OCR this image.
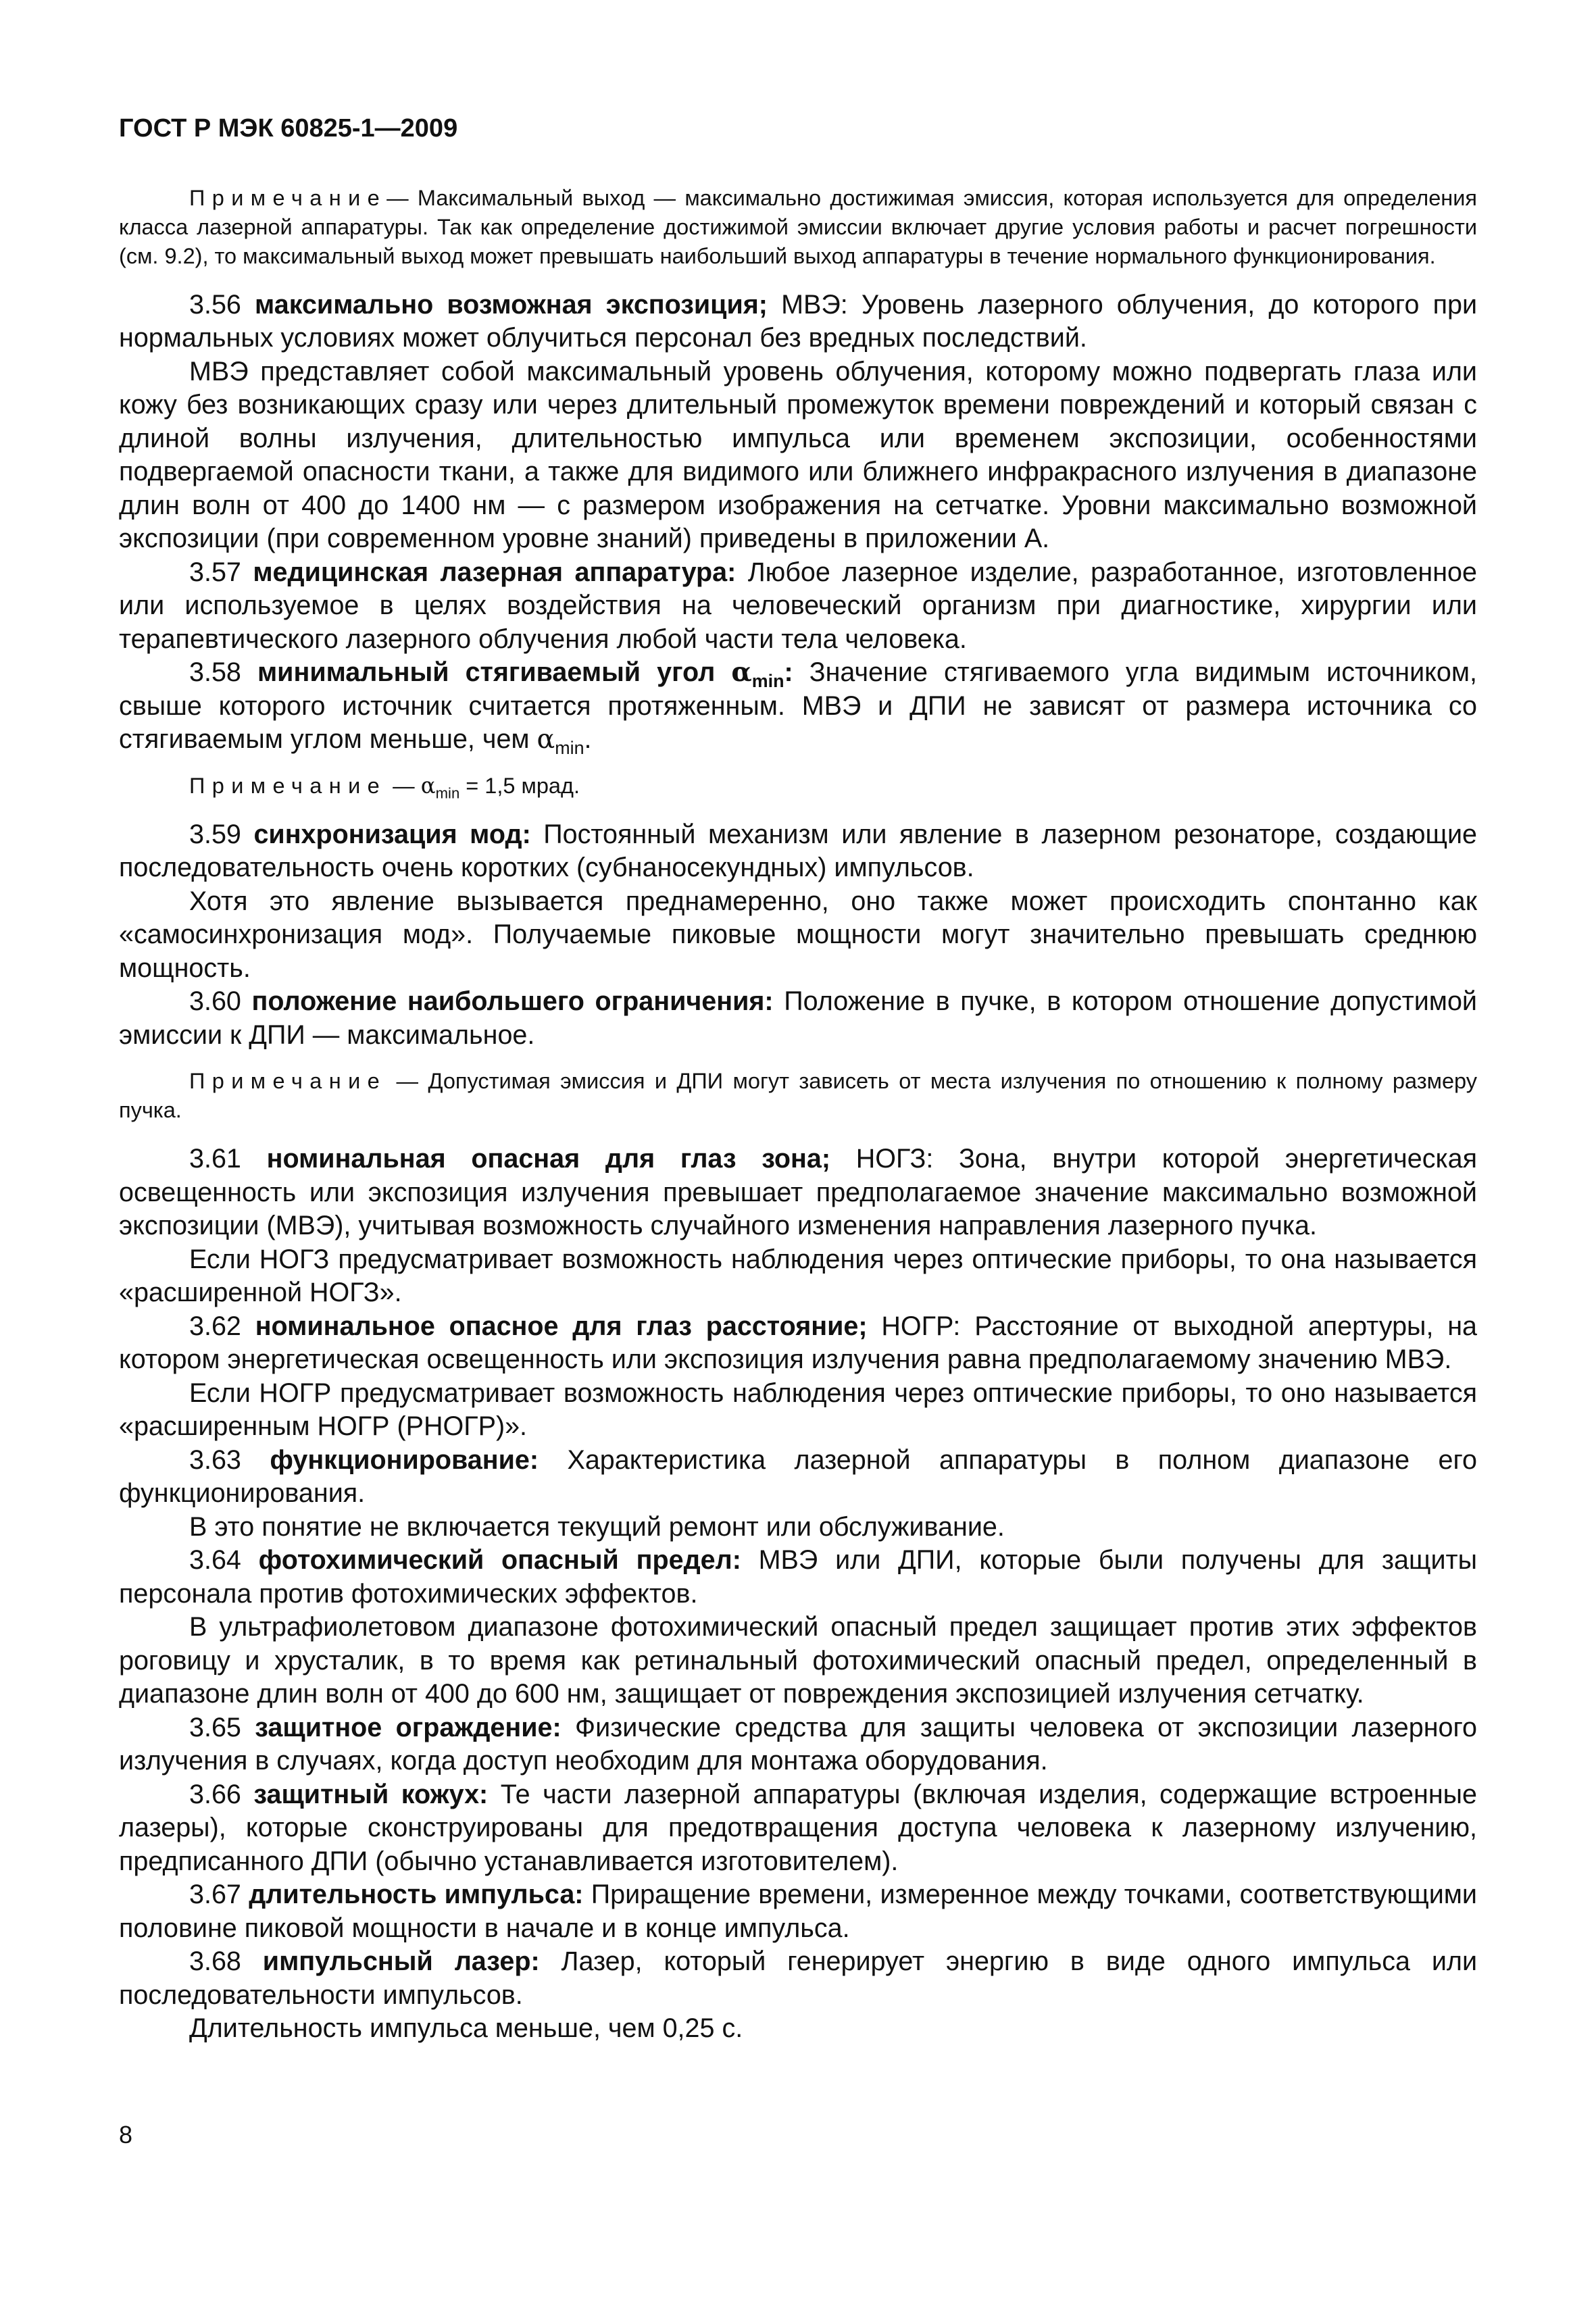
ГОСТ Р МЭК 60825-1—2009

Примечание— Максимальный выход — максимально достижимая эмиссия, которая используется для определения класса лазерной аппаратуры. Так как определение достижимой эмиссии включает другие условия работы и расчет погрешности (см. 9.2), то максимальный выход может превышать наибольший выход аппаратуры в течение нормального функционирования.

3.56 максимально возможная экспозиция; МВЭ: Уровень лазерного облучения, до которого при нормальных условиях может облучиться персонал без вредных последствий.

МВЭ представляет собой максимальный уровень облучения, которому можно подвергать глаза или кожу без возникающих сразу или через длительный промежуток времени повреждений и который связан с длиной волны излучения, длительностью импульса или временем экспозиции, особенностями подвергаемой опасности ткани, а также для видимого или ближнего инфракрасного излучения в диапазоне длин волн от 400 до 1400 нм — с размером изображения на сетчатке. Уровни максимально возможной экспозиции (при современном уровне знаний) приведены в приложении А.

3.57 медицинская лазерная аппаратура: Любое лазерное изделие, разработанное, изготовленное или используемое в целях воздействия на человеческий организм при диагностике, хирургии или терапевтического лазерного облучения любой части тела человека.

3.58 минимальный стягиваемый угол $\alpha_{min}$: Значение стягиваемого угла видимым источником, свыше которого источник считается протяженным. МВЭ и ДПИ не зависят от размера источника со стягиваемым углом меньше, чем $\alpha_{min}$.

Примечание — $\alpha_{min} = 1,5$ мрад.

3.59 синхронизация мод: Постоянный механизм или явление в лазерном резонаторе, создающие последовательность очень коротких (субнаносекундных) импульсов.

Хотя это явление вызывается преднамеренно, оно также может происходить спонтанно как «самосинхронизация мод». Получаемые пиковые мощности могут значительно превышать среднюю мощность.

3.60 положение наибольшего ограничения: Положение в пучке, в котором отношение допустимой эмиссии к ДПИ — максимальное.

Примечание — Допустимая эмиссия и ДПИ могут зависеть от места излучения по отношению к полному размеру пучка.

3.61 номинальная опасная для глаз зона; НОГЗ: Зона, внутри которой энергетическая освещенность или экспозиция излучения превышает предполагаемое значение максимально возможной экспозиции (МВЭ), учитывая возможность случайного изменения направления лазерного пучка.

Если НОГЗ предусматривает возможность наблюдения через оптические приборы, то она называется «расширенной НОГЗ».

3.62 номинальное опасное для глаз расстояние; НОГР: Расстояние от выходной апертуры, на котором энергетическая освещенность или экспозиция излучения равна предполагаемому значению МВЭ.

Если НОГР предусматривает возможность наблюдения через оптические приборы, то оно называется «расширенным НОГР (РНОГР)».

3.63 функционирование: Характеристика лазерной аппаратуры в полном диапазоне его функционирования.

В это понятие не включается текущий ремонт или обслуживание.

3.64 фотохимический опасный предел: МВЭ или ДПИ, которые были получены для защиты персонала против фотохимических эффектов.

В ультрафиолетовом диапазоне фотохимический опасный предел защищает против этих эффектов роговицу и хрусталик, в то время как ретинальный фотохимический опасный предел, определенный в диапазоне длин волн от 400 до 600 нм, защищает от повреждения экспозицией излучения сетчатку.

3.65 защитное ограждение: Физические средства для защиты человека от экспозиции лазерного излучения в случаях, когда доступ необходим для монтажа оборудования.

3.66 защитный кожух: Те части лазерной аппаратуры (включая изделия, содержащие встроенные лазеры), которые сконструированы для предотвращения доступа человека к лазерному излучению, предписанного ДПИ (обычно устанавливается изготовителем).

3.67 длительность импульса: Приращение времени, измеренное между точками, соответствующими половине пиковой мощности в начале и в конце импульса.

3.68 импульсный лазер: Лазер, который генерирует энергию в виде одного импульса или последовательности импульсов.

Длительность импульса меньше, чем 0,25 с.

8
